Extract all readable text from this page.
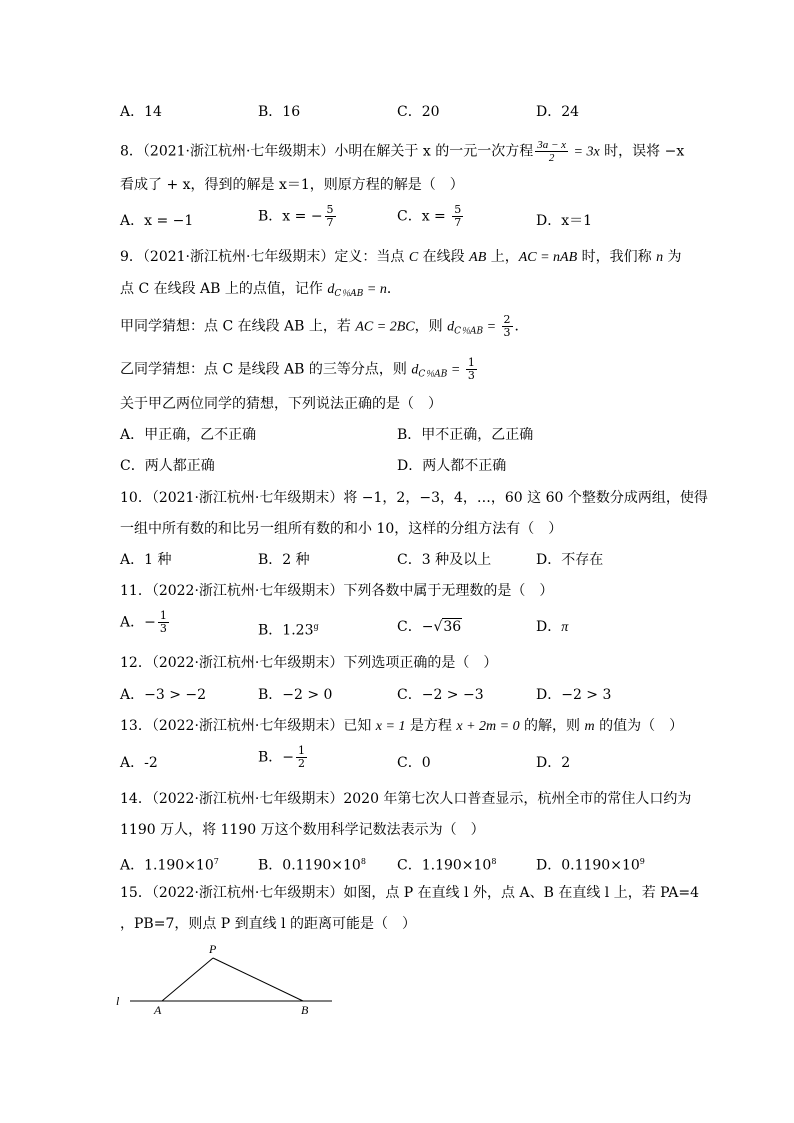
A．14	B．16	C．20	D．24
8．（2021·浙江杭州·七年级期末）小明在解关于 x 的一元一次方程 $\frac{3a - x}{2} = 3x$ 时，误将 −x
看成了 + x，得到的解是 x＝1，则原方程的解是（　）
A．x = −1	B．x = − $\frac{5}{7}$	C．$x = \frac{5}{7}$	D．x＝1
9．（2021·浙江杭州·七年级期末）定义：当点 C 在线段 AB 上，AC = nAB 时，我们称 n 为
点 C 在线段 AB 上的点值，记作 $d_{C\%AB} = n$．
甲同学猜想：点 C 在线段 AB 上，若 AC = 2BC，则 $d_{C\%AB} = \frac{2}{3}$ ．
乙同学猜想：点 C 是线段 AB 的三等分点，则 $d_{C\%AB} = \frac{1}{3}$
关于甲乙两位同学的猜想，下列说法正确的是（　）
A．甲正确，乙不正确	B．甲不正确，乙正确
C．两人都正确	D．两人都不正确
10．（2021·浙江杭州·七年级期末）将 −1，2，−3，4，…，60 这 60 个整数分成两组，使得
一组中所有数的和比另一组所有数的和小 10，这样的分组方法有（　）
A．1 种	B．2 种	C．3 种及以上	D．不存在
11．（2022·浙江杭州·七年级期末）下列各数中属于无理数的是（　）
A．− $\frac{1}{3}$	B．1.23$^g$	C．−√36	D．π
12．（2022·浙江杭州·七年级期末）下列选项正确的是（　）
A．−3 > −2	B．−2 > 0	C．−2 > −3	D．−2 > 3
13．（2022·浙江杭州·七年级期末）已知 x = 1 是方程 x + 2m = 0 的解，则 m 的值为（　）
A．-2	B．− $\frac{1}{2}$	C．0	D．2
14．（2022·浙江杭州·七年级期末）2020 年第七次人口普查显示，杭州全市的常住人口约为
1190 万人，将 1190 万这个数用科学记数法表示为（　）
A．$1.190\times 10^7$	B．$0.1190\times 10^8$ C．$1.190\times 10^8$	D．$0.1190\times 10^9$
15．（2022·浙江杭州·七年级期末）如图，点 P 在直线 l 外，点 A、B 在直线 l 上，若 PA=4
，PB=7，则点 P 到直线 l 的距离可能是（　）
P
A	B
l
